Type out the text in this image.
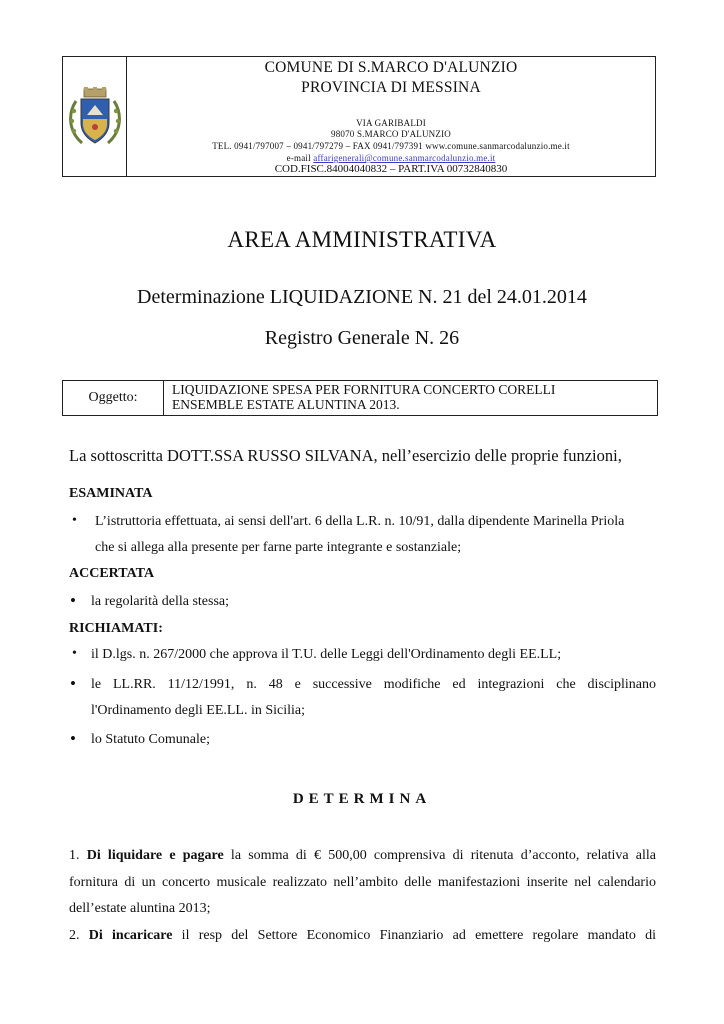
COMUNE DI S.MARCO D'ALUNZIO
PROVINCIA DI MESSINA
VIA GARIBALDI
98070 S.MARCO D'ALUNZIO
TEL. 0941/797007 – 0941/797279 – FAX 0941/797391 www.comune.sanmarcodalunzio.me.it
e-mail affarigenerali@comune.sanmarcodalunzio.me.it
COD.FISC.84004040832 – PART.IVA 00732840830
AREA AMMINISTRATIVA
Determinazione LIQUIDAZIONE N. 21 del 24.01.2014
Registro Generale N. 26
Oggetto:
LIQUIDAZIONE SPESA PER FORNITURA CONCERTO CORELLI
ENSEMBLE ESTATE ALUNTINA 2013.
La sottoscritta DOTT.SSA RUSSO SILVANA, nell’esercizio delle proprie funzioni,
ESAMINATA
• L’istruttoria effettuata, ai sensi dell'art. 6 della L.R. n. 10/91, dalla dipendente Marinella Priola
che si allega alla presente per farne parte integrante e sostanziale;
ACCERTATA
• la regolarità della stessa;
RICHIAMATI:
• il D.lgs. n. 267/2000 che approva il T.U. delle Leggi dell'Ordinamento degli EE.LL;
• le LL.RR. 11/12/1991, n. 48 e successive modifiche ed integrazioni che disciplinano
l'Ordinamento degli EE.LL. in Sicilia;
• lo Statuto Comunale;
DETERMINA
1. Di liquidare e pagare la somma di € 500,00 comprensiva di ritenuta d’acconto, relativa alla
fornitura di un concerto musicale realizzato nell’ambito delle manifestazioni inserite nel calendario
dell’estate aluntina 2013;
2. Di incaricare il resp del Settore Economico Finanziario ad emettere regolare mandato di
